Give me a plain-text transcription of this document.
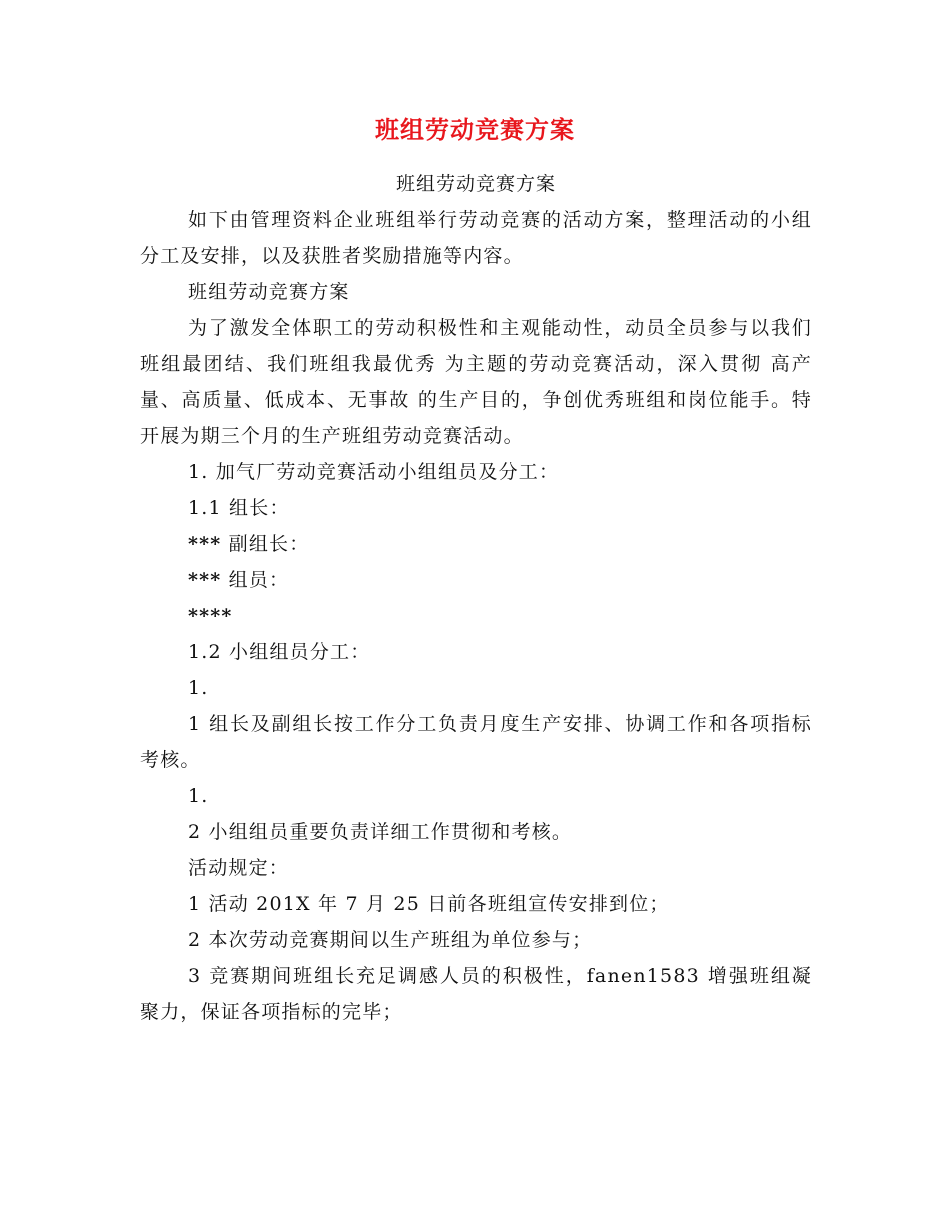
班组劳动竞赛方案

班组劳动竞赛方案

如下由管理资料企业班组举行劳动竞赛的活动方案，整理活动的小组分工及安排，以及获胜者奖励措施等内容。

班组劳动竞赛方案

为了激发全体职工的劳动积极性和主观能动性，动员全员参与以我们班组最团结、我们班组我最优秀 为主题的劳动竞赛活动，深入贯彻 高产量、高质量、低成本、无事故 的生产目的，争创优秀班组和岗位能手。特开展为期三个月的生产班组劳动竞赛活动。

1. 加气厂劳动竞赛活动小组组员及分工：

1.1 组长：

*** 副组长：

*** 组员：

****

1.2 小组组员分工：

1.

1 组长及副组长按工作分工负责月度生产安排、协调工作和各项指标考核。

1.

2 小组组员重要负责详细工作贯彻和考核。

活动规定：

1 活动 201X 年 7 月 25 日前各班组宣传安排到位；

2 本次劳动竞赛期间以生产班组为单位参与；

3 竞赛期间班组长充足调感人员的积极性，fanen1583 增强班组凝聚力，保证各项指标的完毕；
